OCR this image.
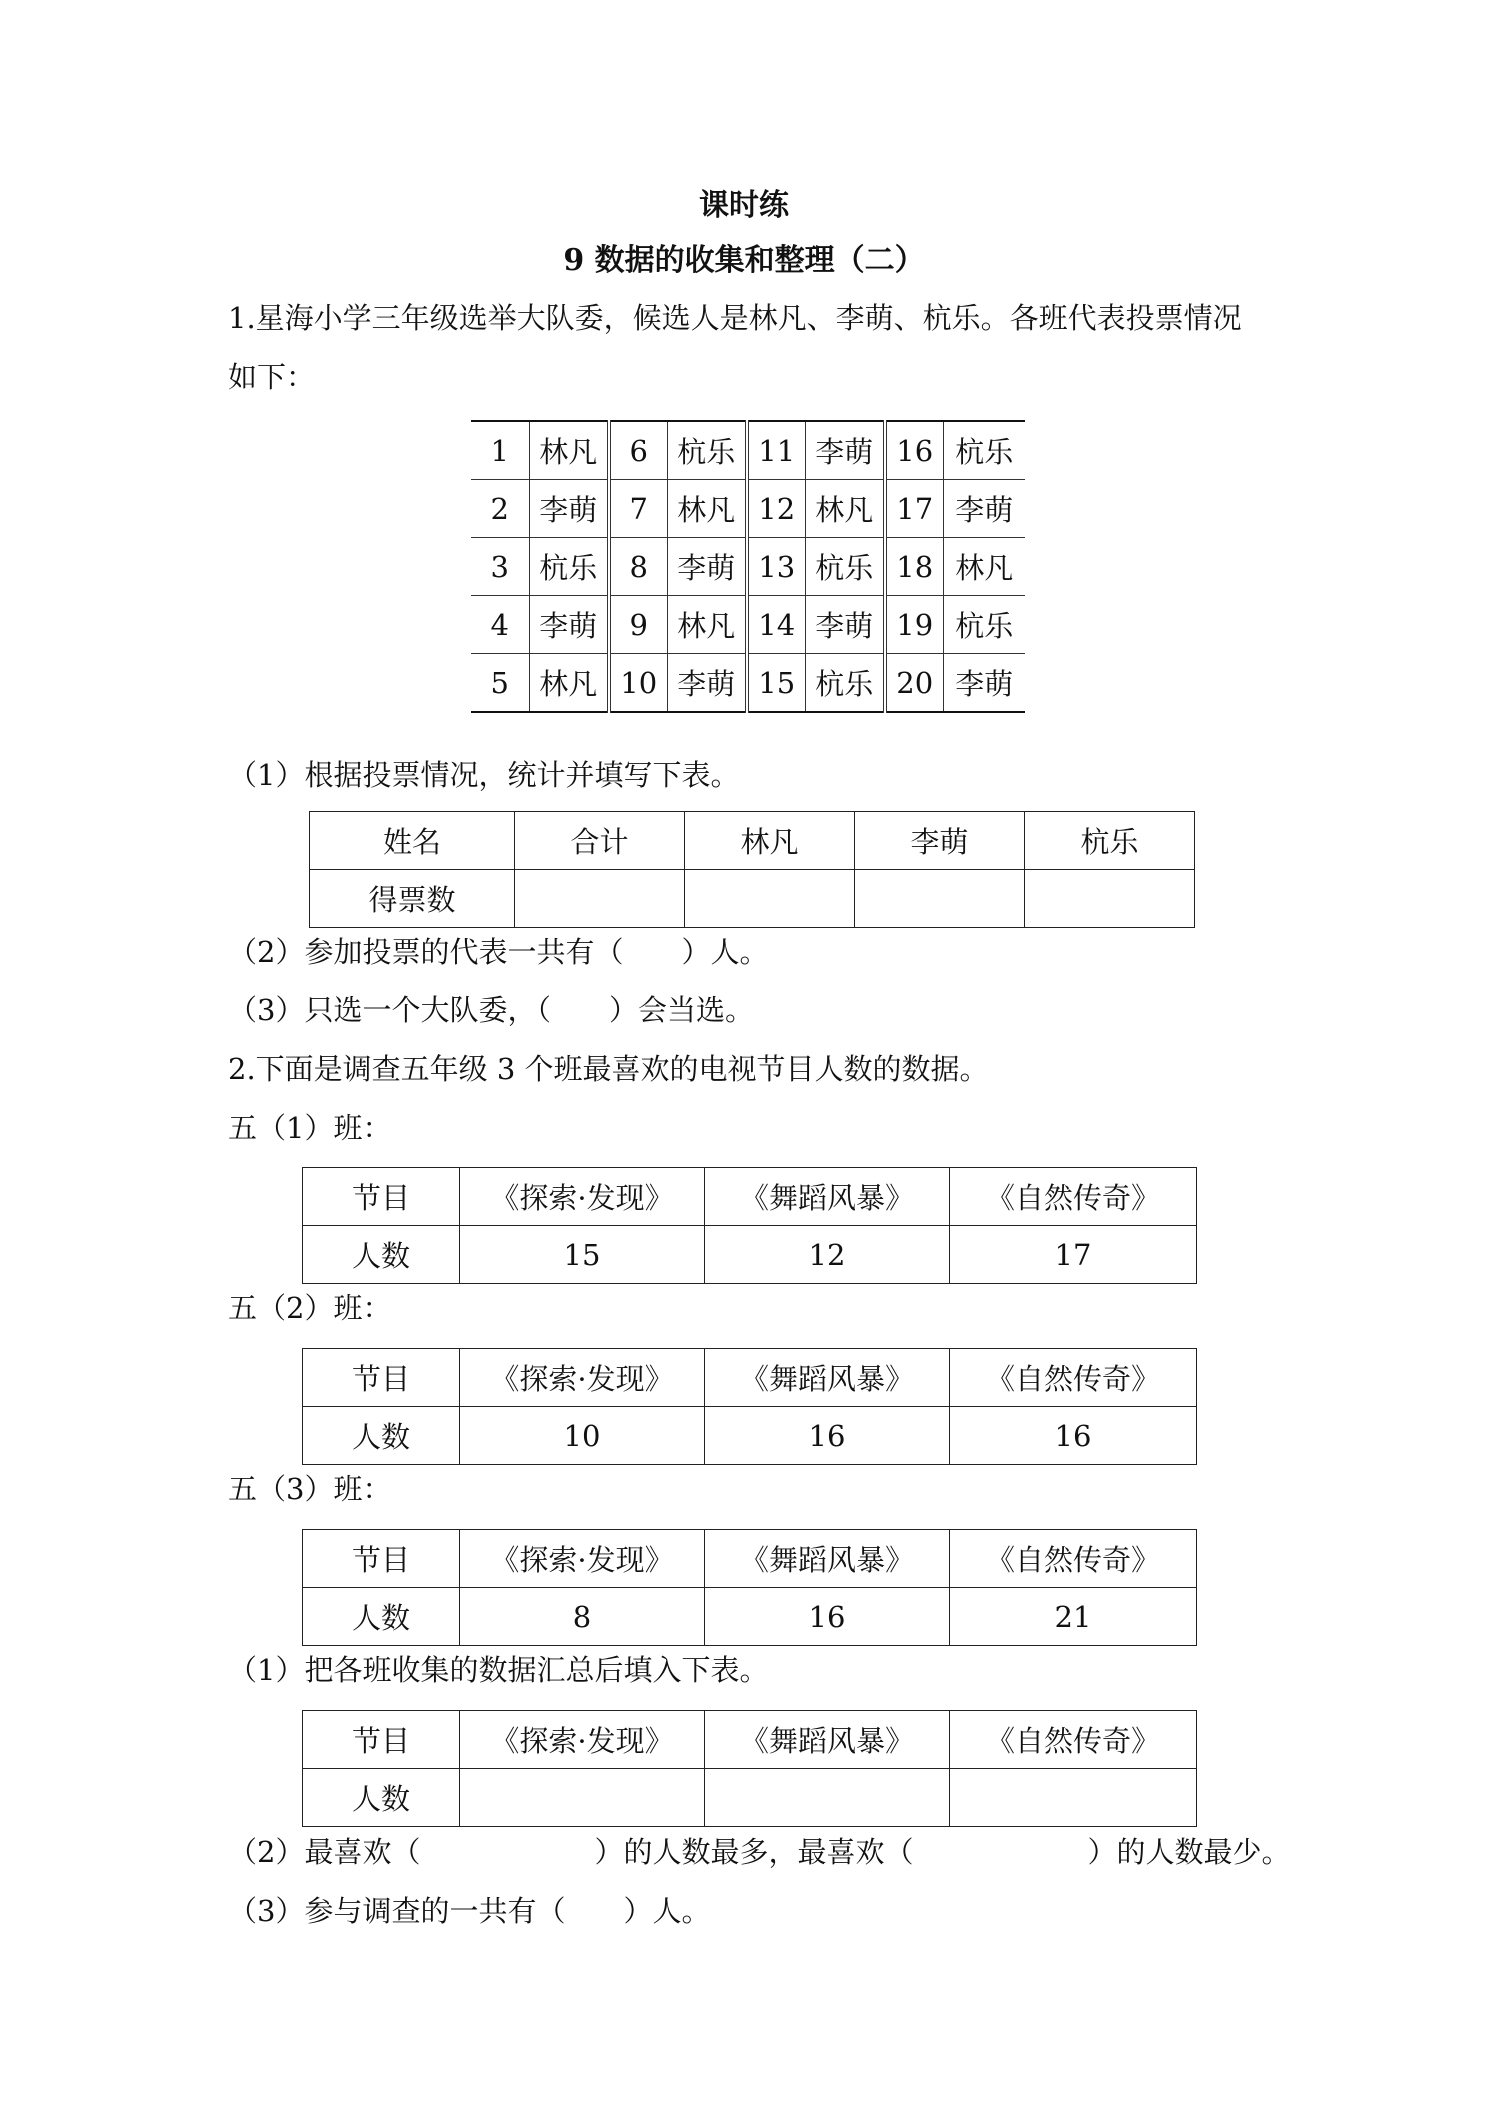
课时练
9 数据的收集和整理（二）
1.星海小学三年级选举大队委，候选人是林凡、李萌、杭乐。各班代表投票情况
如下：
1	林凡	6	杭乐	11	李萌	16	杭乐
2	李萌	7	林凡	12	林凡	17	李萌
3	杭乐	8	李萌	13	杭乐	18	林凡
4	李萌	9	林凡	14	李萌	19	杭乐
5	林凡	10	李萌	15	杭乐	20	李萌
（1）根据投票情况，统计并填写下表。
姓名	合计	林凡	李萌	杭乐
得票数				
（2）参加投票的代表一共有（　　）人。
（3）只选一个大队委，（　　）会当选。
2.下面是调查五年级 3 个班最喜欢的电视节目人数的数据。
五（1）班：
节目	《探索·发现》	《舞蹈风暴》	《自然传奇》
人数	15	12	17
五（2）班：
节目	《探索·发现》	《舞蹈风暴》	《自然传奇》
人数	10	16	16
五（3）班：
节目	《探索·发现》	《舞蹈风暴》	《自然传奇》
人数	8	16	21
（1）把各班收集的数据汇总后填入下表。
节目	《探索·发现》	《舞蹈风暴》	《自然传奇》
人数			
（2）最喜欢（　　　　　　）的人数最多，最喜欢（　　　　　　）的人数最少。
（3）参与调查的一共有（　　）人。
